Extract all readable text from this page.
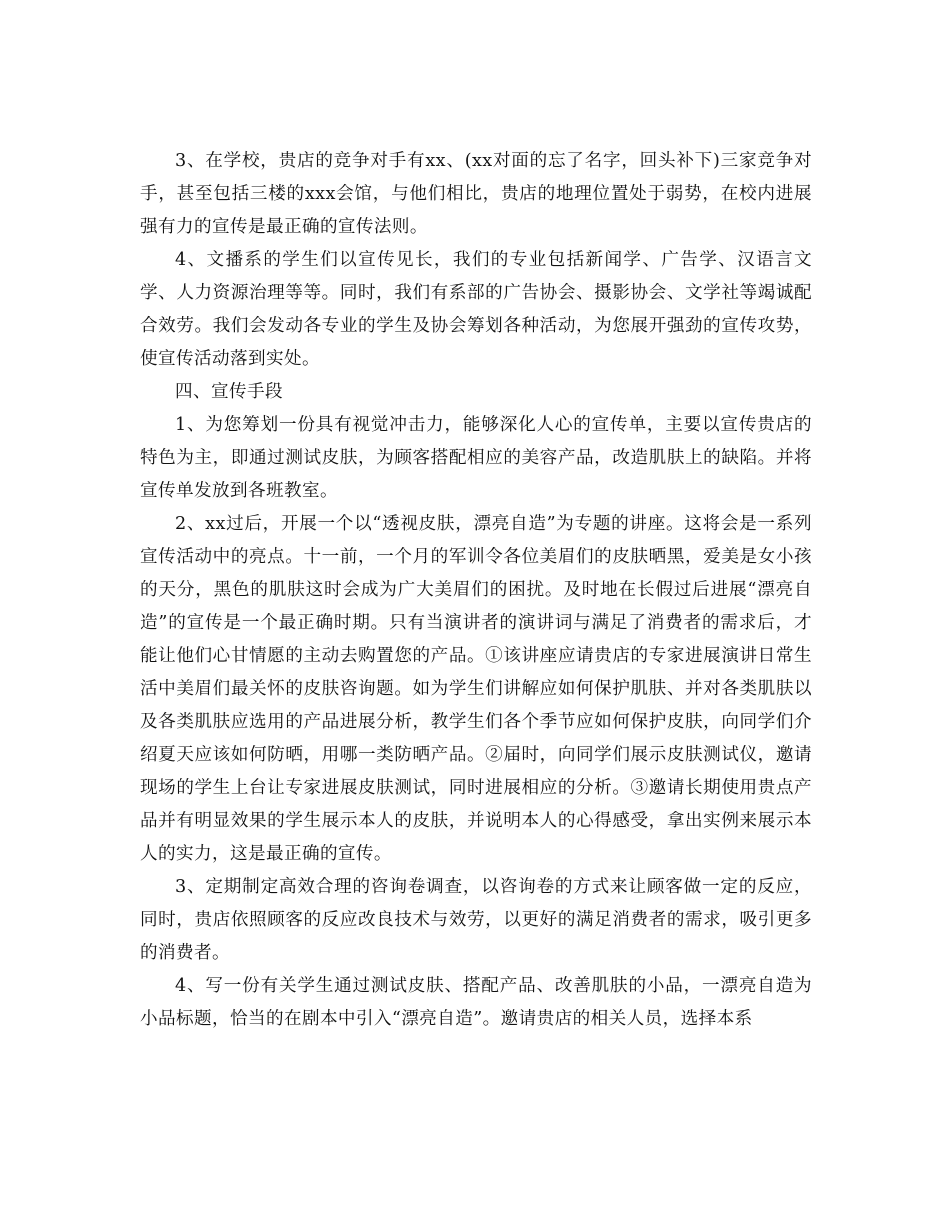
3、在学校，贵店的竞争对手有xx、(xx对面的忘了名字，回头补下)三家竞争对手，甚至包括三楼的xxx会馆，与他们相比，贵店的地理位置处于弱势，在校内进展强有力的宣传是最正确的宣传法则。

4、文播系的学生们以宣传见长，我们的专业包括新闻学、广告学、汉语言文学、人力资源治理等等。同时，我们有系部的广告协会、摄影协会、文学社等竭诚配合效劳。我们会发动各专业的学生及协会筹划各种活动，为您展开强劲的宣传攻势，使宣传活动落到实处。

四、宣传手段

1、为您筹划一份具有视觉冲击力，能够深化人心的宣传单，主要以宣传贵店的特色为主，即通过测试皮肤，为顾客搭配相应的美容产品，改造肌肤上的缺陷。并将宣传单发放到各班教室。

2、xx过后，开展一个以“透视皮肤，漂亮自造”为专题的讲座。这将会是一系列宣传活动中的亮点。十一前，一个月的军训令各位美眉们的皮肤晒黑，爱美是女小孩的天分，黑色的肌肤这时会成为广大美眉们的困扰。及时地在长假过后进展“漂亮自造”的宣传是一个最正确时期。只有当演讲者的演讲词与满足了消费者的需求后，才能让他们心甘情愿的主动去购置您的产品。①该讲座应请贵店的专家进展演讲日常生活中美眉们最关怀的皮肤咨询题。如为学生们讲解应如何保护肌肤、并对各类肌肤以及各类肌肤应选用的产品进展分析，教学生们各个季节应如何保护皮肤，向同学们介绍夏天应该如何防晒，用哪一类防晒产品。②届时，向同学们展示皮肤测试仪，邀请现场的学生上台让专家进展皮肤测试，同时进展相应的分析。③邀请长期使用贵点产品并有明显效果的学生展示本人的皮肤，并说明本人的心得感受，拿出实例来展示本人的实力，这是最正确的宣传。

3、定期制定高效合理的咨询卷调查，以咨询卷的方式来让顾客做一定的反应，同时，贵店依照顾客的反应改良技术与效劳，以更好的满足消费者的需求，吸引更多的消费者。

4、写一份有关学生通过测试皮肤、搭配产品、改善肌肤的小品，一漂亮自造为小品标题，恰当的在剧本中引入“漂亮自造”。邀请贵店的相关人员，选择本系
